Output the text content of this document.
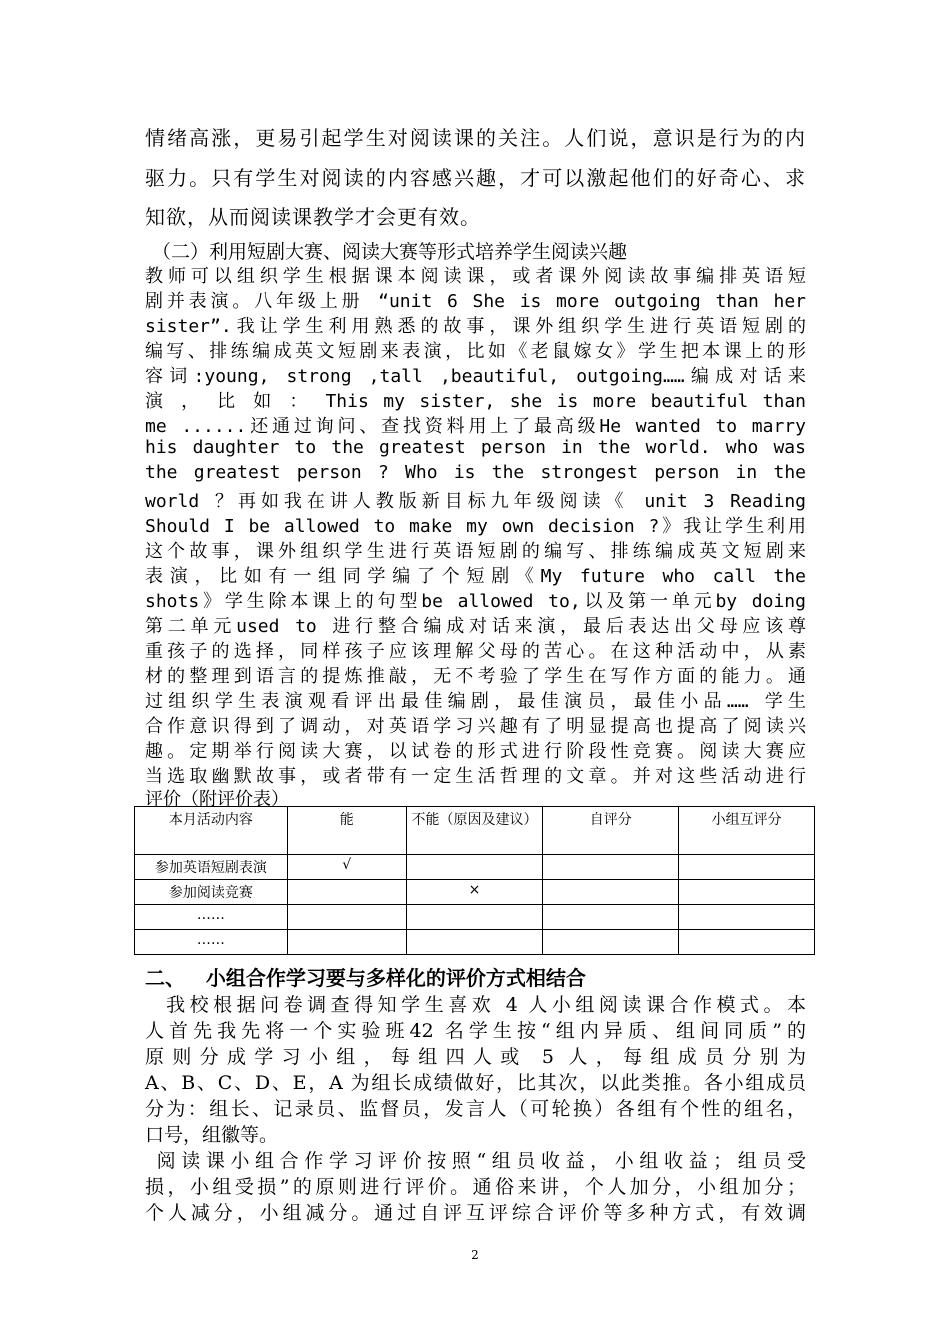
情绪高涨，更易引起学生对阅读课的关注。人们说，意识是行为的内

驱力。只有学生对阅读的内容感兴趣，才可以激起他们的好奇心、求

知欲，从而阅读课教学才会更有效。

（二）利用短剧大赛、阅读大赛等形式培养学生阅读兴趣

教师可以组织学生根据课本阅读课，或者课外阅读故事编排英语短

剧并表演。八年级上册 “unit 6 She is more outgoing than her

sister”.我让学生利用熟悉的故事，课外组织学生进行英语短剧的

编写、排练编成英文短剧来表演，比如《老鼠嫁女》学生把本课上的形

容词:young, strong ,tall ,beautiful, outgoing……编成对话来

演 ， 比 如 ： This my sister, she is more beautiful than

me ......还通过询问、查找资料用上了最高级He wanted to marry

his daughter to the greatest person in the world. who was

the greatest person ? Who is the strongest person in the

world ？再如我在讲人教版新目标九年级阅读《 unit 3 Reading

Should I be allowed to make my own decision ?》我让学生利用

这个故事，课外组织学生进行英语短剧的编写、排练编成英文短剧来

表演，比如有一组同学编了个短剧《My future who call the

shots》学生除本课上的句型be allowed to,以及第一单元by doing

第二单元used to 进行整合编成对话来演，最后表达出父母应该尊

重孩子的选择，同样孩子应该理解父母的苦心。在这种活动中，从素

材的整理到语言的提炼推敲，无不考验了学生在写作方面的能力。通

过组织学生表演观看评出最佳编剧，最佳演员，最佳小品…… 学生

合作意识得到了调动，对英语学习兴趣有了明显提高也提高了阅读兴

趣。定期举行阅读大赛，以试卷的形式进行阶段性竞赛。阅读大赛应

当选取幽默故事，或者带有一定生活哲理的文章。并对这些活动进行

评价（附评价表）

本月活动内容	能	不能（原因及建议）	自评分	小组互评分
参加英语短剧表演	√			
参加阅读竞赛		×		
……				
……				

二、   小组合作学习要与多样化的评价方式相结合

我校根据问卷调查得知学生喜欢 4 人小组阅读课合作模式。本

人首先我先将一个实验班42 名学生按“组内异质、组间同质”的

原则分成学习小组，每组四人或 5 人，每组成员分别为

A、B、C、D、E，A 为组长成绩做好，比其次，以此类推。各小组成员

分为：组长、记录员、监督员，发言人（可轮换）各组有个性的组名，

口号，组徽等。

阅读课小组合作学习评价按照“组员收益，小组收益；组员受

损，小组受损”的原则进行评价。通俗来讲，个人加分，小组加分；

个人减分，小组减分。通过自评互评综合评价等多种方式，有效调

2
